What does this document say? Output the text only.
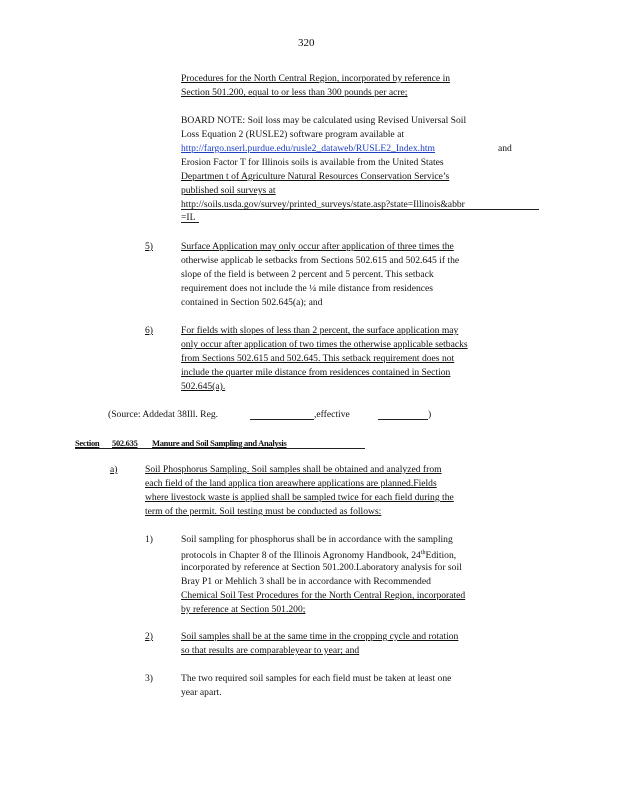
320
Procedures for the North Central Region, incorporated by reference in
Section 501.200, equal to or less than 300 pounds per acre;
BOARD NOTE: Soil loss may be calculated using Revised Universal Soil
Loss Equation 2 (RUSLE2) software program available at
http://fargo.nserl.purdue.edu/rusle2_dataweb/RUSLE2_Index.htm	and
Erosion Factor T for Illinois soils is available from the United States
Departmen t of Agriculture Natural Resources Conservation Service’s
published soil surveys at
http://soils.usda.gov/survey/printed_surveys/state.asp?state=Illinois&abbr
=IL
5)	Surface Application may only occur after application of three times the
otherwise applicab le setbacks from Sections 502.615 and 502.645 if the
slope of the field is between 2 percent and 5 percent. This setback
requirement does not include the ¼ mile distance from residences
contained in Section 502.645(a); and
6)	For fields with slopes of less than 2 percent, the surface application may
only occur after application of two times the otherwise applicable setbacks
from Sections 502.615 and 502.645. This setback requirement does not
include the quarter mile distance from residences contained in Section
502.645(a).
(Source: Addedat 38Ill. Reg.	,effective	)
Section 502.635 Manure and Soil Sampling and Analysis
a)	Soil Phosphorus Sampling. Soil samples shall be obtained and analyzed from
each field of the land applica tion areawhere applications are planned.Fields
where livestock waste is applied shall be sampled twice for each field during the
term of the permit. Soil testing must be conducted as follows:
1)	Soil sampling for phosphorus shall be in accordance with the sampling
protocols in Chapter 8 of the Illinois Agronomy Handbook, 24thEdition,
incorporated by reference at Section 501.200.Laboratory analysis for soil
Bray P1 or Mehlich 3 shall be in accordance with Recommended
Chemical Soil Test Procedures for the North Central Region, incorporated
by reference at Section 501.200;
2)	Soil samples shall be at the same time in the cropping cycle and rotation
so that results are comparableyear to year; and
3)	The two required soil samples for each field must be taken at least one
year apart.
